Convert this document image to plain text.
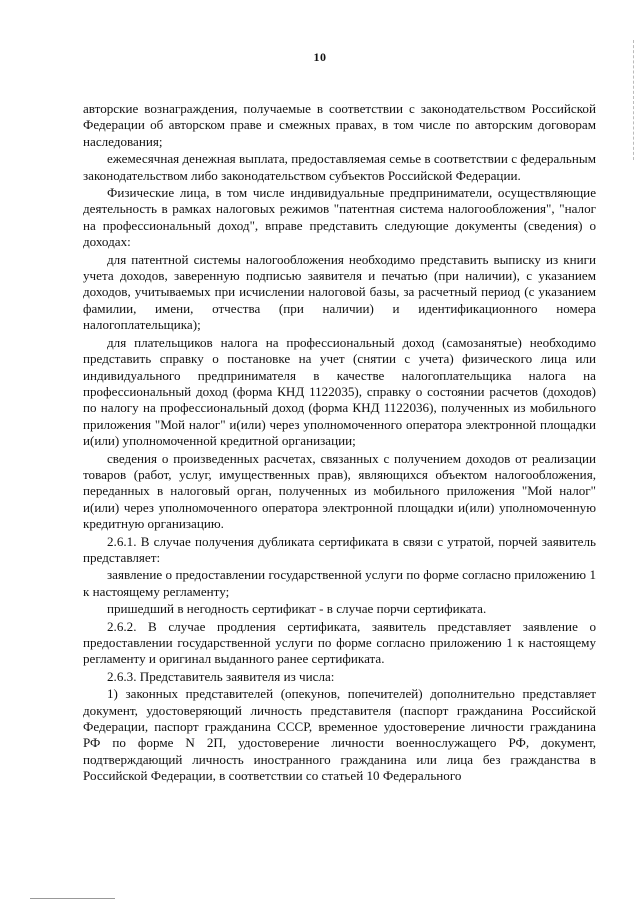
10

авторские вознаграждения, получаемые в соответствии с законодательством Российской Федерации об авторском праве и смежных правах, в том числе по авторским договорам наследования;

ежемесячная денежная выплата, предоставляемая семье в соответствии с федеральным законодательством либо законодательством субъектов Российской Федерации.

Физические лица, в том числе индивидуальные предприниматели, осуществляющие деятельность в рамках налоговых режимов "патентная система налогообложения", "налог на профессиональный доход", вправе представить следующие документы (сведения) о доходах:

для патентной системы налогообложения необходимо представить выписку из книги учета доходов, заверенную подписью заявителя и печатью (при наличии), с указанием доходов, учитываемых при исчислении налоговой базы, за расчетный период (с указанием фамилии, имени, отчества (при наличии) и идентификационного номера налогоплательщика);

для плательщиков налога на профессиональный доход (самозанятые) необходимо представить справку о постановке на учет (снятии с учета) физического лица или индивидуального предпринимателя в качестве налогоплательщика налога на профессиональный доход (форма КНД 1122035), справку о состоянии расчетов (доходов) по налогу на профессиональный доход (форма КНД 1122036), полученных из мобильного приложения "Мой налог" и(или) через уполномоченного оператора электронной площадки и(или) уполномоченной кредитной организации;

сведения о произведенных расчетах, связанных с получением доходов от реализации товаров (работ, услуг, имущественных прав), являющихся объектом налогообложения, переданных в налоговый орган, полученных из мобильного приложения "Мой налог" и(или) через уполномоченного оператора электронной площадки и(или) уполномоченную кредитную организацию.

2.6.1. В случае получения дубликата сертификата в связи с утратой, порчей заявитель представляет:

заявление о предоставлении государственной услуги по форме согласно приложению 1 к настоящему регламенту;

пришедший в негодность сертификат - в случае порчи сертификата.

2.6.2. В случае продления сертификата, заявитель представляет заявление о предоставлении государственной услуги по форме согласно приложению 1 к настоящему регламенту и оригинал выданного ранее сертификата.

2.6.3. Представитель заявителя из числа:

1) законных представителей (опекунов, попечителей) дополнительно представляет документ, удостоверяющий личность представителя (паспорт гражданина Российской Федерации, паспорт гражданина СССР, временное удостоверение личности гражданина РФ по форме N 2П, удостоверение личности военнослужащего РФ, документ, подтверждающий личность иностранного гражданина или лица без гражданства в Российской Федерации, в соответствии со статьей 10 Федерального
